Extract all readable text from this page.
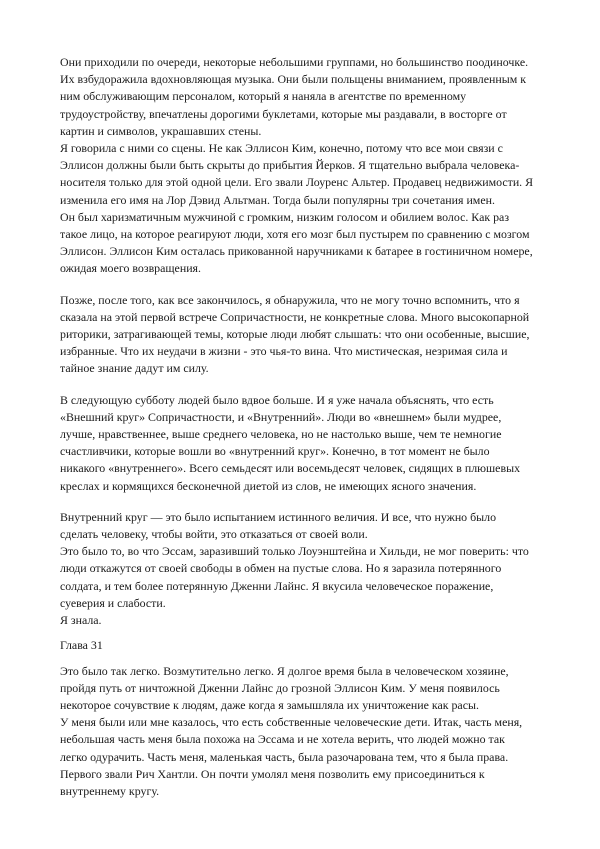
Они приходили по очереди, некоторые небольшими группами, но большинство поодиночке.
Их взбудоражила вдохновляющая музыка. Они были польщены вниманием, проявленным к
ним обслуживающим персоналом, который я наняла в агентстве по временному
трудоустройству, впечатлены дорогими буклетами, которые мы раздавали, в восторге от
картин и символов, украшавших стены.
Я говорила с ними со сцены. Не как Эллисон Ким, конечно, потому что все мои связи с
Эллисон должны были быть скрыты до прибытия Йерков. Я тщательно выбрала человека-
носителя только для этой одной цели. Его звали Лоуренс Альтер. Продавец недвижимости. Я
изменила его имя на Лор Дэвид Альтман. Тогда были популярны три сочетания имен.
Он был харизматичным мужчиной с громким, низким голосом и обилием волос. Как раз
такое лицо, на которое реагируют люди, хотя его мозг был пустырем по сравнению с мозгом
Эллисон. Эллисон Ким осталась прикованной наручниками к батарее в гостиничном номере,
ожидая моего возвращения.
Позже, после того, как все закончилось, я обнаружила, что не могу точно вспомнить, что я
сказала на этой первой встрече Сопричастности, не конкретные слова. Много высокопарной
риторики, затрагивающей темы, которые люди любят слышать: что они особенные, высшие,
избранные. Что их неудачи в жизни - это чья-то вина. Что мистическая, незримая сила и
тайное знание дадут им силу.
В следующую субботу людей было вдвое больше. И я уже начала объяснять, что есть
«Внешний круг» Сопричастности, и «Внутренний». Люди во «внешнем» были мудрее,
лучше, нравственнее, выше среднего человека, но не настолько выше, чем те немногие
счастливчики, которые вошли во «внутренний круг». Конечно, в тот момент не было
никакого «внутреннего». Всего семьдесят или восемьдесят человек, сидящих в плюшевых
креслах и кормящихся бесконечной диетой из слов, не имеющих ясного значения.
Внутренний круг — это было испытанием истинного величия. И все, что нужно было
сделать человеку, чтобы войти, это отказаться от своей воли.
Это было то, во что Эссам, заразивший только Лоуэнштейна и Хильди, не мог поверить: что
люди откажутся от своей свободы в обмен на пустые слова. Но я заразила потерянного
солдата, и тем более потерянную Дженни Лайнс. Я вкусила человеческое поражение,
суеверия и слабости.
Я знала.
Глава 31
Это было так легко. Возмутительно легко. Я долгое время была в человеческом хозяине,
пройдя путь от ничтожной Дженни Лайнс до грозной Эллисон Ким. У меня появилось
некоторое сочувствие к людям, даже когда я замышляла их уничтожение как расы.
У меня были или мне казалось, что есть собственные человеческие дети. Итак, часть меня,
небольшая часть меня была похожа на Эссама и не хотела верить, что людей можно так
легко одурачить. Часть меня, маленькая часть, была разочарована тем, что я была права.
Первого звали Рич Хантли. Он почти умолял меня позволить ему присоединиться к
внутреннему кругу.
